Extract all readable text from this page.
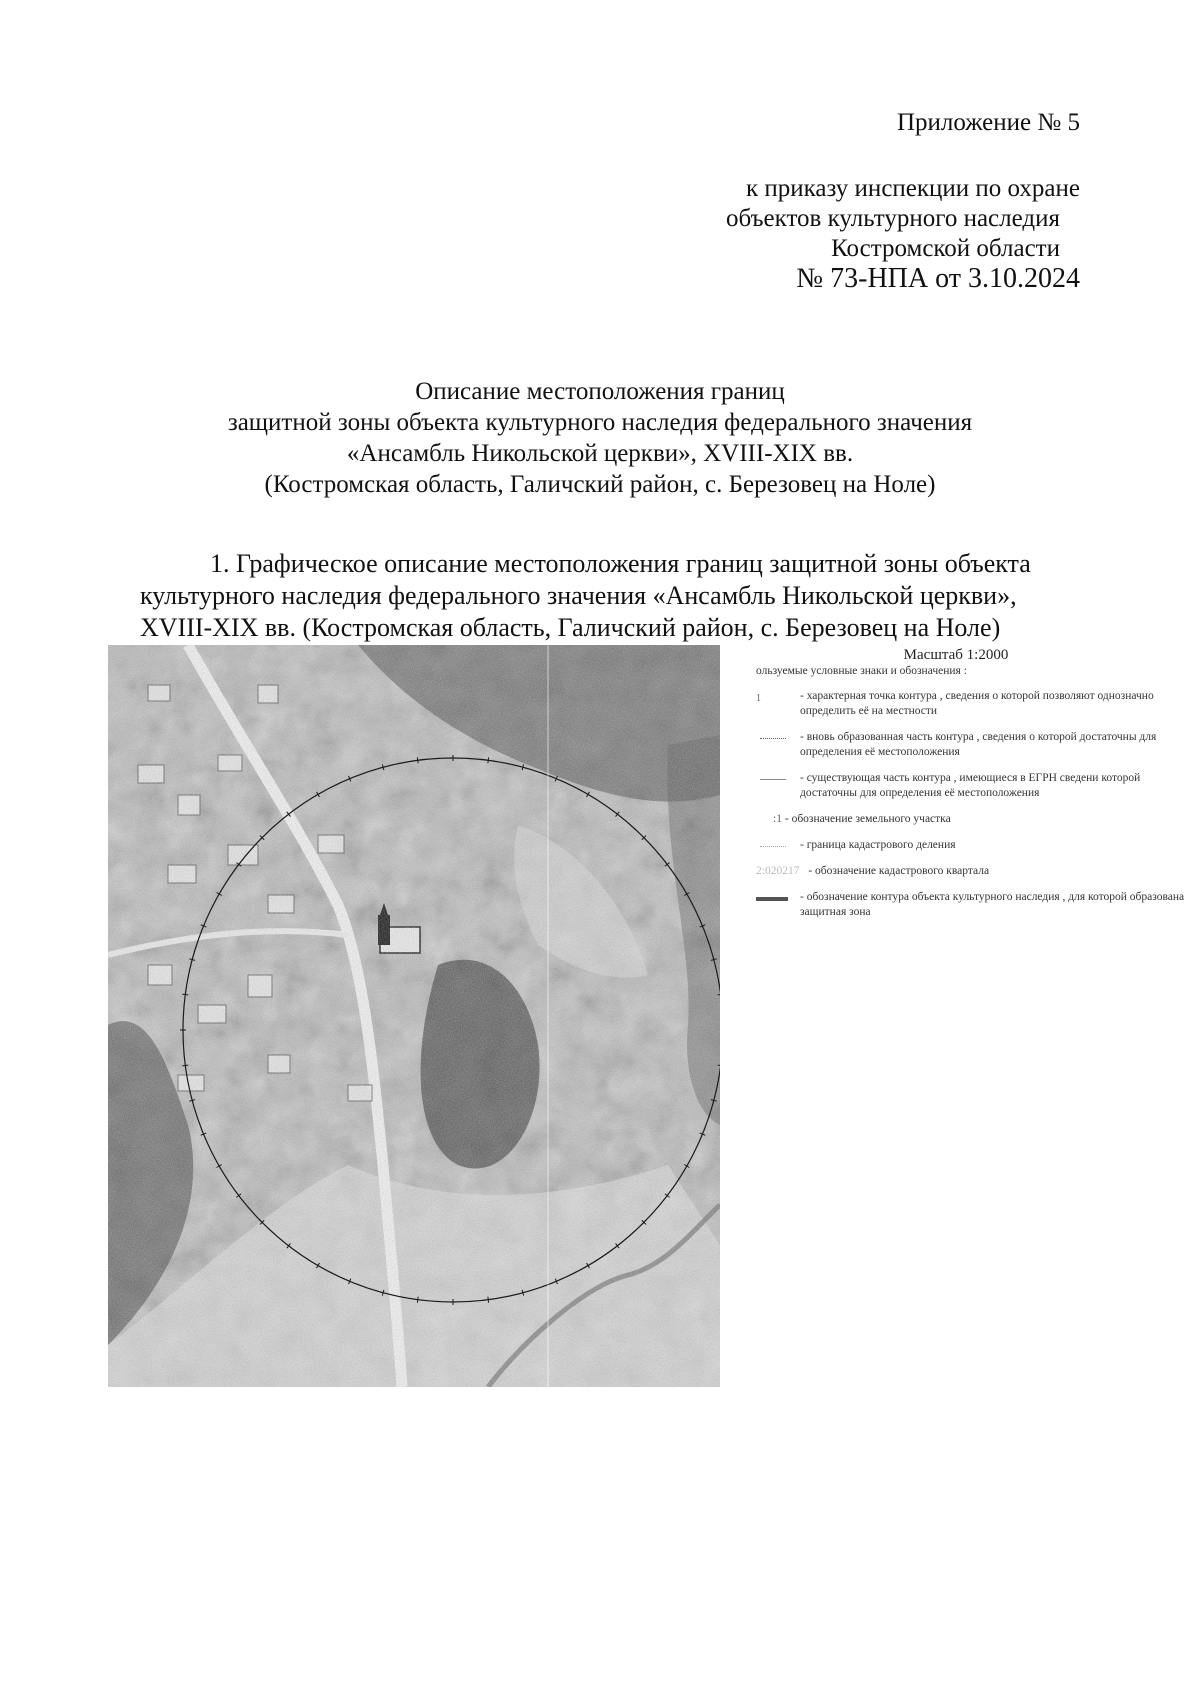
Приложение № 5
к приказу инспекции по охране
объектов культурного наследия
Костромской области
№ 73-НПА от 3.10.2024
Описание местоположения границ
защитной зоны объекта культурного наследия федерального значения
«Ансамбль Никольской церкви», XVIII-XIX вв.
(Костромская область, Галичский район, с. Березовец на Ноле)
1. Графическое описание местоположения границ защитной зоны объекта
культурного наследия федерального значения «Ансамбль Никольской церкви»,
XVIII-XIX вв. (Костромская область, Галичский район, с. Березовец на Ноле)
Масштаб 1:2000
ользуемые условные знаки и обозначения :
1	- характерная точка контура , сведения о которой позволяют однозначно определить её на местности
- вновь образованная часть контура , сведения о которой достаточны для определения её местоположения
- существующая часть контура , имеющиеся в ЕГРН сведени которой достаточны для определения её местоположения
:1 - обозначение земельного участка
- граница кадастрового деления
2:020217 - обозначение кадастрового квартала
- обозначение контура объекта культурного наследия , для которой образована защитная зона
